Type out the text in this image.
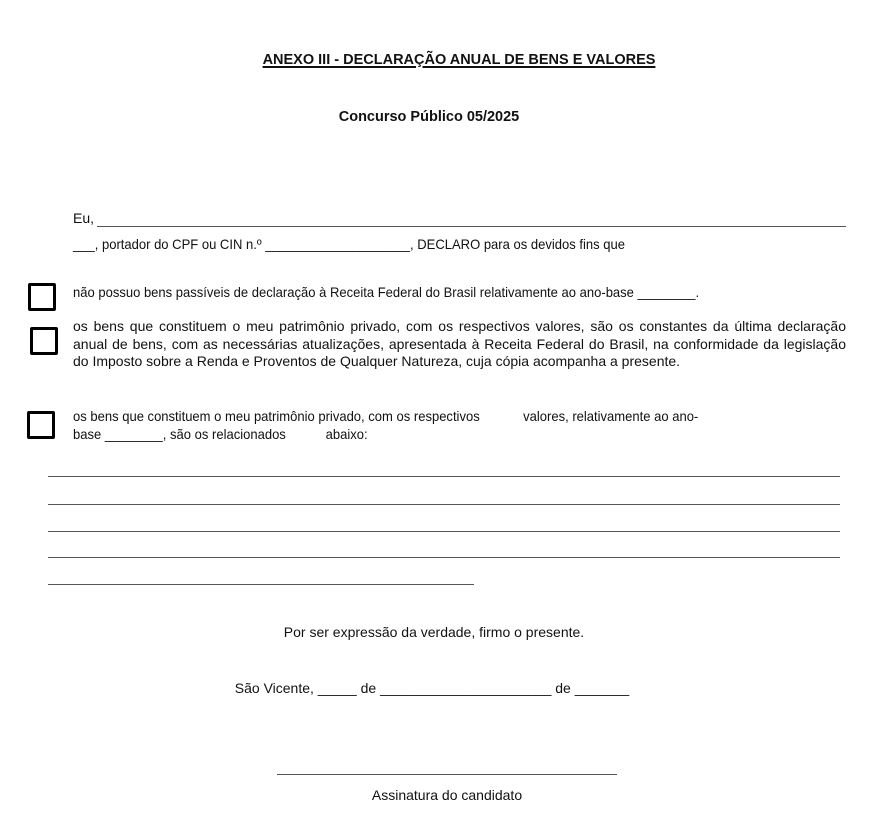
ANEXO III - DECLARAÇÃO ANUAL DE BENS E VALORES
Concurso Público 05/2025
Eu,
___, portador do CPF ou CIN n.º ____________________, DECLARO para os devidos fins que
não possuo bens passíveis de declaração à Receita Federal do Brasil relativamente ao ano-base ________.
os bens que constituem o meu patrimônio privado, com os respectivos valores, são os constantes da última declaração anual de bens, com as necessárias atualizações, apresentada à Receita Federal do Brasil, na conformidade da legislação do Imposto sobre a Renda e Proventos de Qualquer Natureza, cuja cópia acompanha a presente.
os bens que constituem o meu patrimônio privado, com os respectivos            valores, relativamente ao ano-
base ________, são os relacionados           abaixo:
Por ser expressão da verdade, firmo o presente.
São Vicente, _____ de ______________________ de _______
Assinatura do candidato
